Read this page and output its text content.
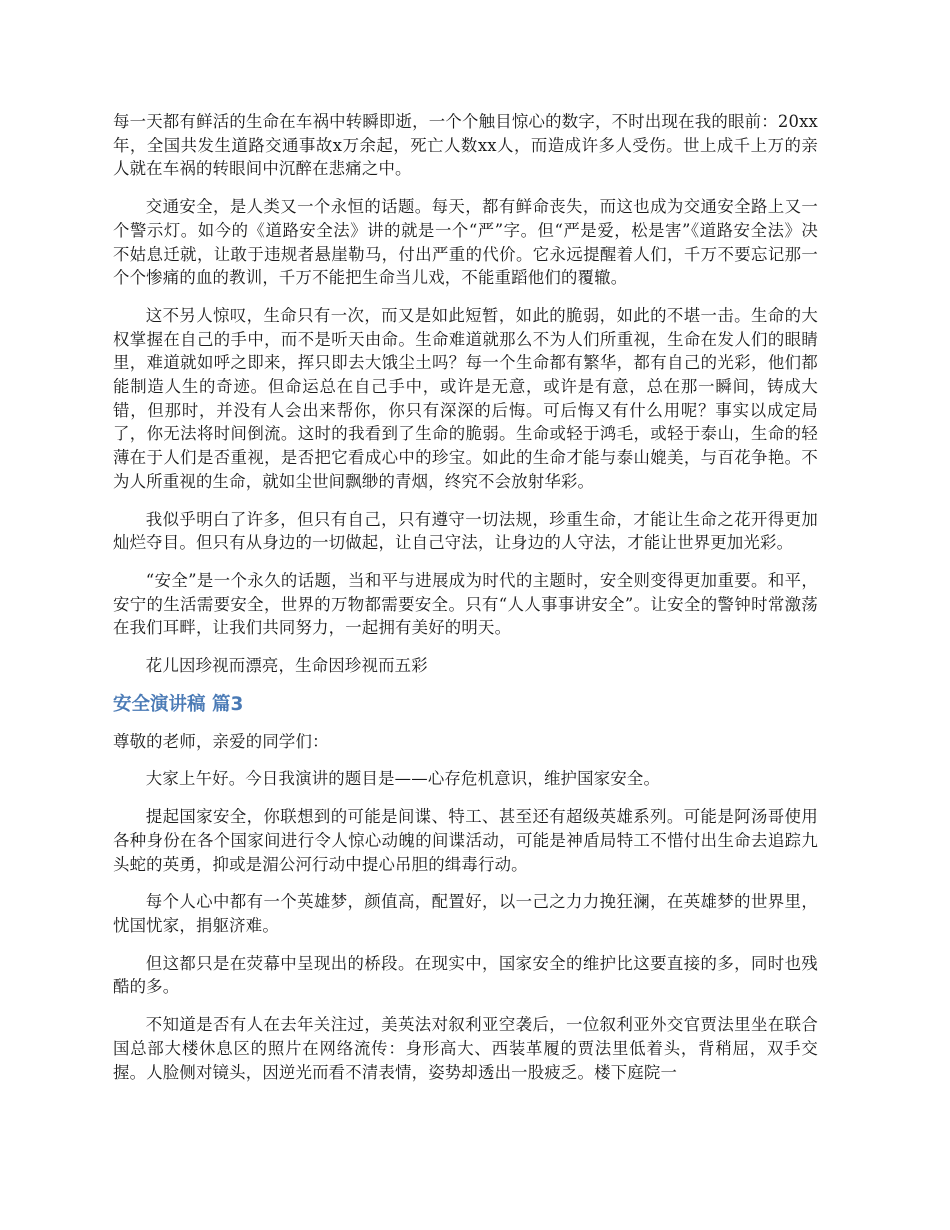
每一天都有鲜活的生命在车祸中转瞬即逝，一个个触目惊心的数字，不时出现在我的眼前：20xx年，全国共发生道路交通事故x万余起，死亡人数xx人，而造成许多人受伤。世上成千上万的亲人就在车祸的转眼间中沉醉在悲痛之中。

交通安全，是人类又一个永恒的话题。每天，都有鲜命丧失，而这也成为交通安全路上又一个警示灯。如今的《道路安全法》讲的就是一个“严”字。但“严是爱，松是害”《道路安全法》决不姑息迁就，让敢于违规者悬崖勒马，付出严重的代价。它永远提醒着人们，千万不要忘记那一个个惨痛的血的教训，千万不能把生命当儿戏，不能重蹈他们的覆辙。

这不另人惊叹，生命只有一次，而又是如此短暂，如此的脆弱，如此的不堪一击。生命的大权掌握在自己的手中，而不是听天由命。生命难道就那么不为人们所重视，生命在发人们的眼睛里，难道就如呼之即来，挥只即去大饿尘土吗？每一个生命都有繁华，都有自己的光彩，他们都能制造人生的奇迹。但命运总在自己手中，或许是无意，或许是有意，总在那一瞬间，铸成大错，但那时，并没有人会出来帮你，你只有深深的后悔。可后悔又有什么用呢？事实以成定局了，你无法将时间倒流。这时的我看到了生命的脆弱。生命或轻于鸿毛，或轻于泰山，生命的轻薄在于人们是否重视，是否把它看成心中的珍宝。如此的生命才能与泰山媲美，与百花争艳。不为人所重视的生命，就如尘世间飘缈的青烟，终究不会放射华彩。

我似乎明白了许多，但只有自己，只有遵守一切法规，珍重生命，才能让生命之花开得更加灿烂夺目。但只有从身边的一切做起，让自己守法，让身边的人守法，才能让世界更加光彩。

“安全”是一个永久的话题，当和平与进展成为时代的主题时，安全则变得更加重要。和平，安宁的生活需要安全，世界的万物都需要安全。只有“人人事事讲安全”。让安全的警钟时常激荡在我们耳畔，让我们共同努力，一起拥有美好的明天。

花儿因珍视而漂亮，生命因珍视而五彩

安全演讲稿 篇3

尊敬的老师，亲爱的同学们：

大家上午好。今日我演讲的题目是——心存危机意识，维护国家安全。

提起国家安全，你联想到的可能是间谍、特工、甚至还有超级英雄系列。可能是阿汤哥使用各种身份在各个国家间进行令人惊心动魄的间谍活动，可能是神盾局特工不惜付出生命去追踪九头蛇的英勇，抑或是湄公河行动中提心吊胆的缉毒行动。

每个人心中都有一个英雄梦，颜值高，配置好，以一己之力力挽狂澜，在英雄梦的世界里，忧国忧家，捐躯济难。

但这都只是在荧幕中呈现出的桥段。在现实中，国家安全的维护比这要直接的多，同时也残酷的多。

不知道是否有人在去年关注过，美英法对叙利亚空袭后，一位叙利亚外交官贾法里坐在联合国总部大楼休息区的照片在网络流传：身形高大、西装革履的贾法里低着头，背稍屈，双手交握。人脸侧对镜头，因逆光而看不清表情，姿势却透出一股疲乏。楼下庭院一
